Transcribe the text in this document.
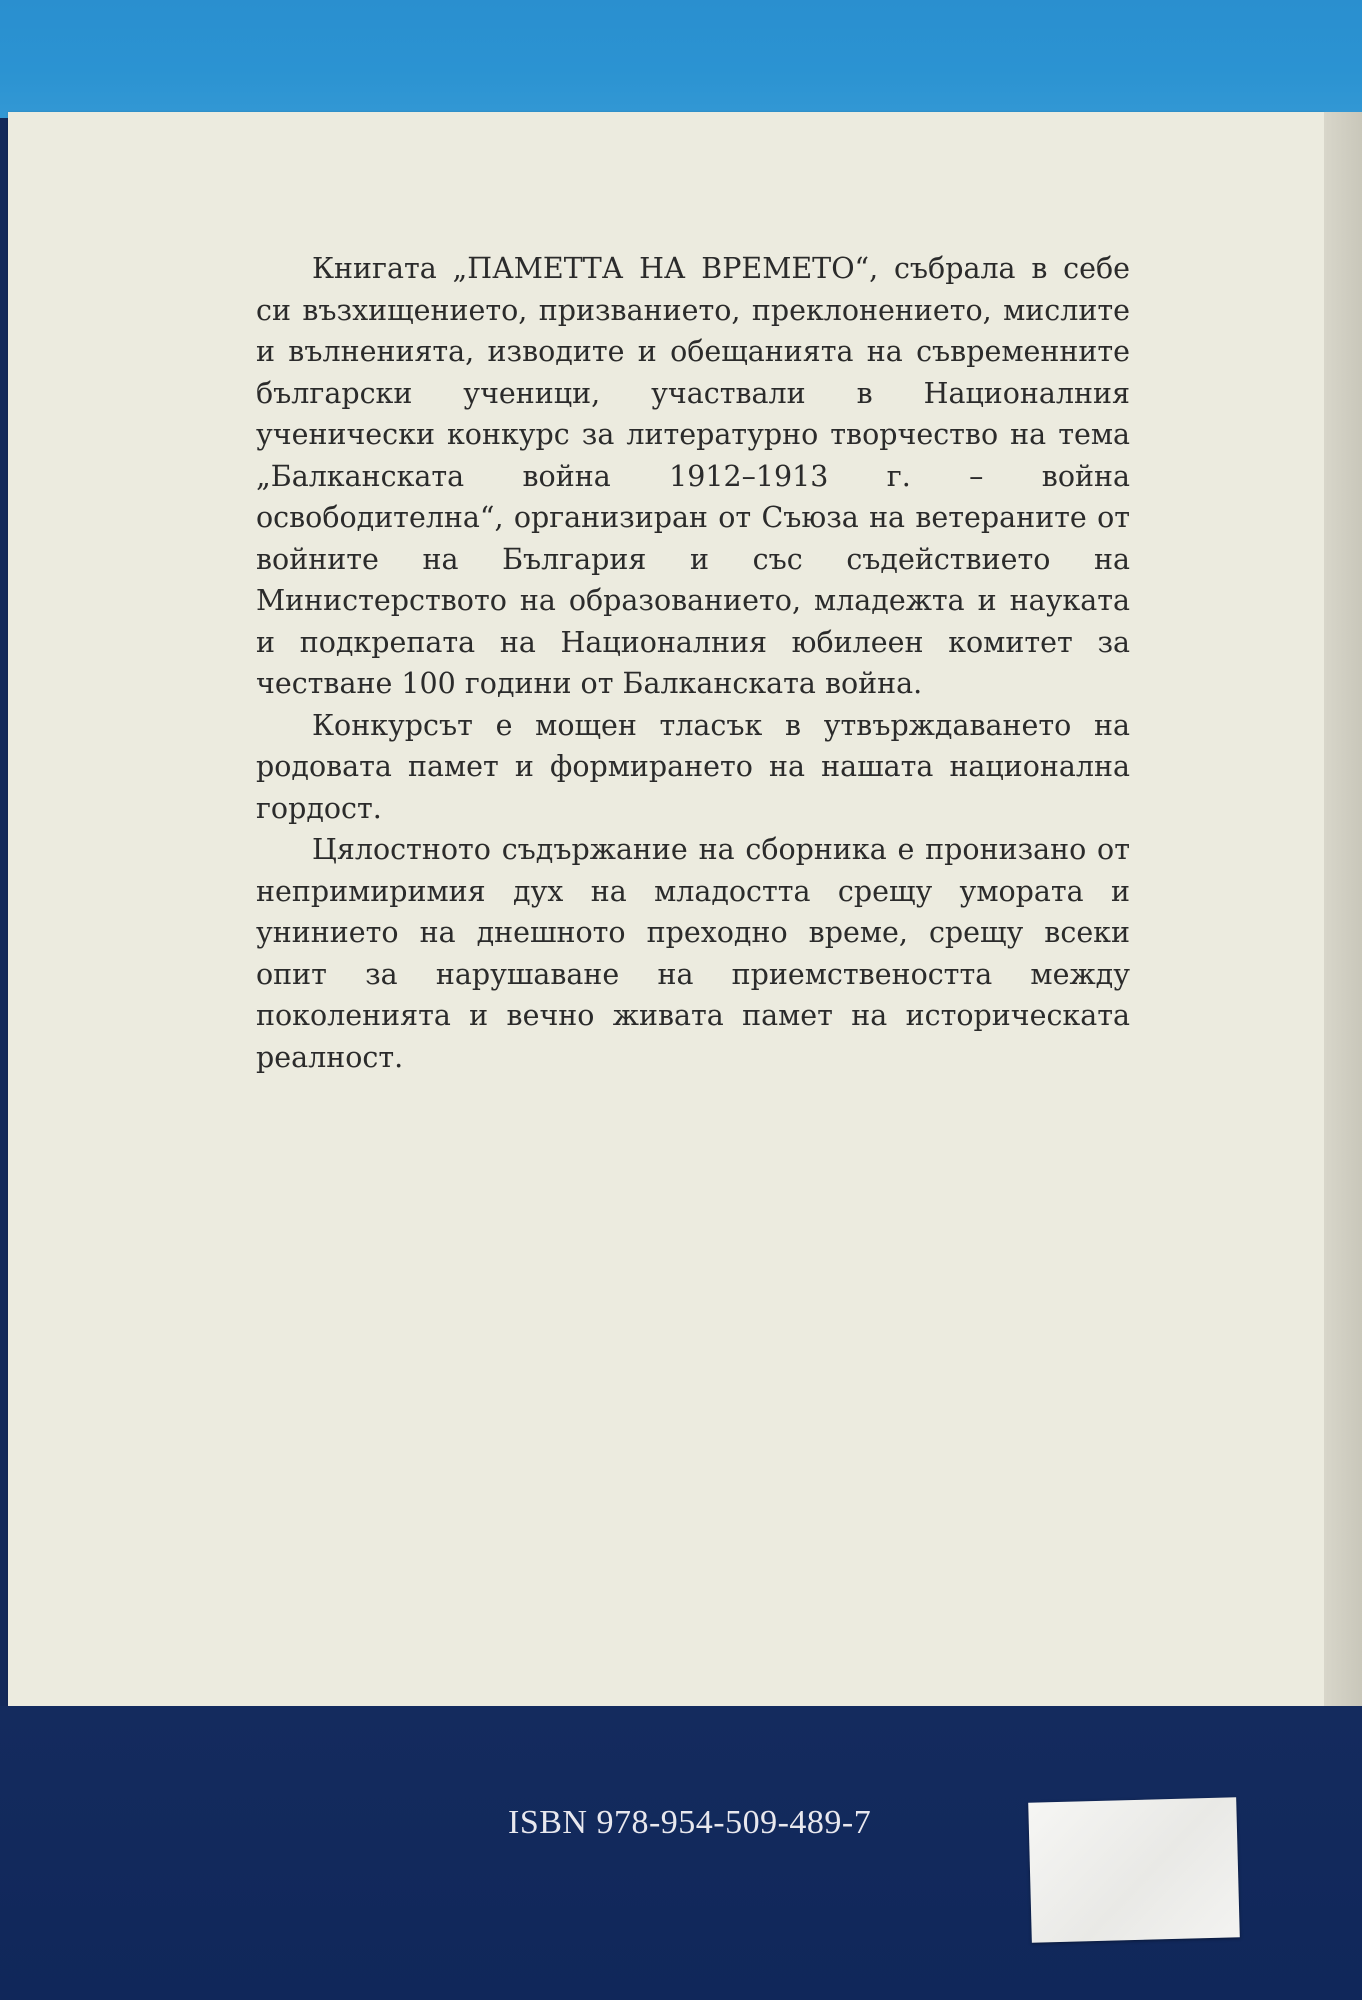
Книгата „ПАМЕТТА НА ВРЕМЕТО“, събрала в себе си възхищението, призванието, преклонението, мислите и вълненията, изводите и обещанията на съвременните български ученици, участвали в Националния ученически конкурс за литературно творчество на тема „Балканската война 1912–1913 г. – война освободителна“, организиран от Съюза на ветераните от войните на България и със съдействието на Министерството на образованието, младежта и науката и подкрепата на Националния юбилеен комитет за честване 100 години от Балканската война.

Конкурсът е мощен тласък в утвърждаването на родовата памет и формирането на нашата национална гордост.

Цялостното съдържание на сборника е пронизано от непримиримия дух на младостта срещу умората и унинието на днешното преходно време, срещу всеки опит за нарушаване на приемствеността между поколенията и вечно живата памет на историческата реалност.

ISBN 978-954-509-489-7
